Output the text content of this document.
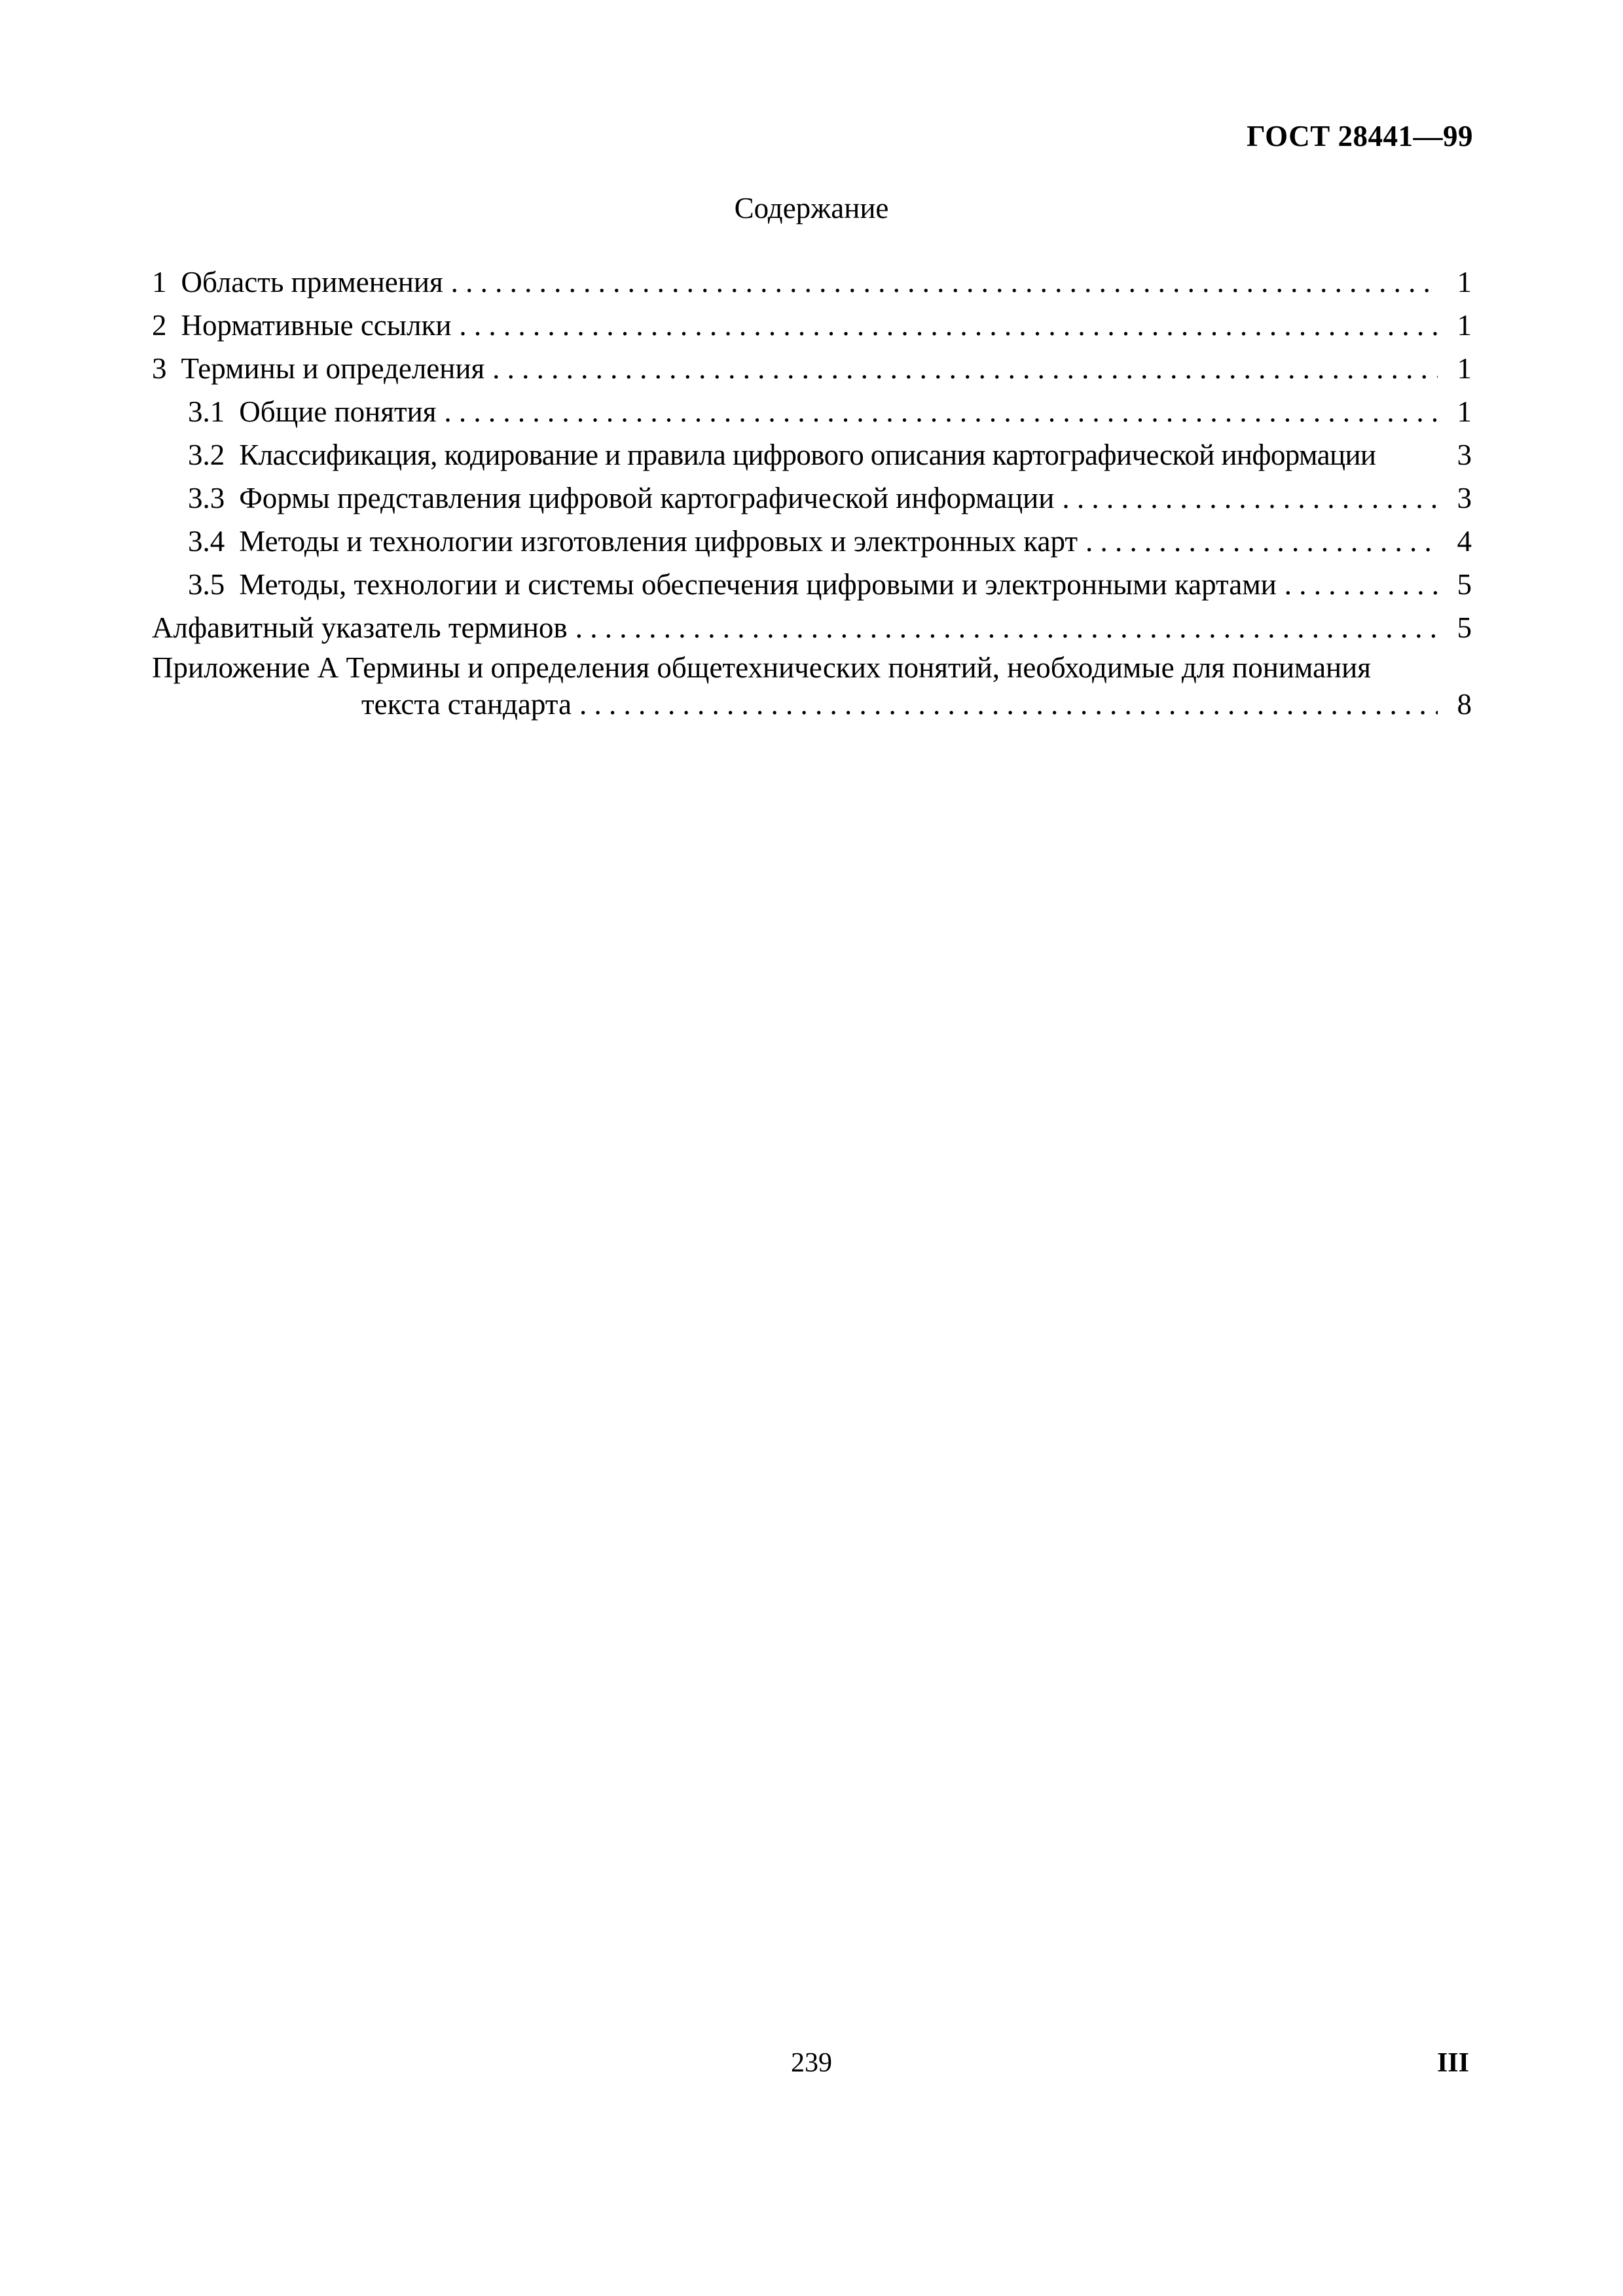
ГОСТ 28441—99
Содержание
1 Область применения . . .	1
2 Нормативные ссылки . . .	1
3 Термины и определения . . .	1
3.1 Общие понятия . . .	1
3.2 Классификация, кодирование и правила цифрового описания картографической информации	3
3.3 Формы представления цифровой картографической информации . . .	3
3.4 Методы и технологии изготовления цифровых и электронных карт . . .	4
3.5 Методы, технологии и системы обеспечения цифровыми и электронными картами . . .	5
Алфавитный указатель терминов . . .	5
Приложение А Термины и определения общетехнических понятий, необходимые для понимания
текста стандарта . . .	8
239	III
